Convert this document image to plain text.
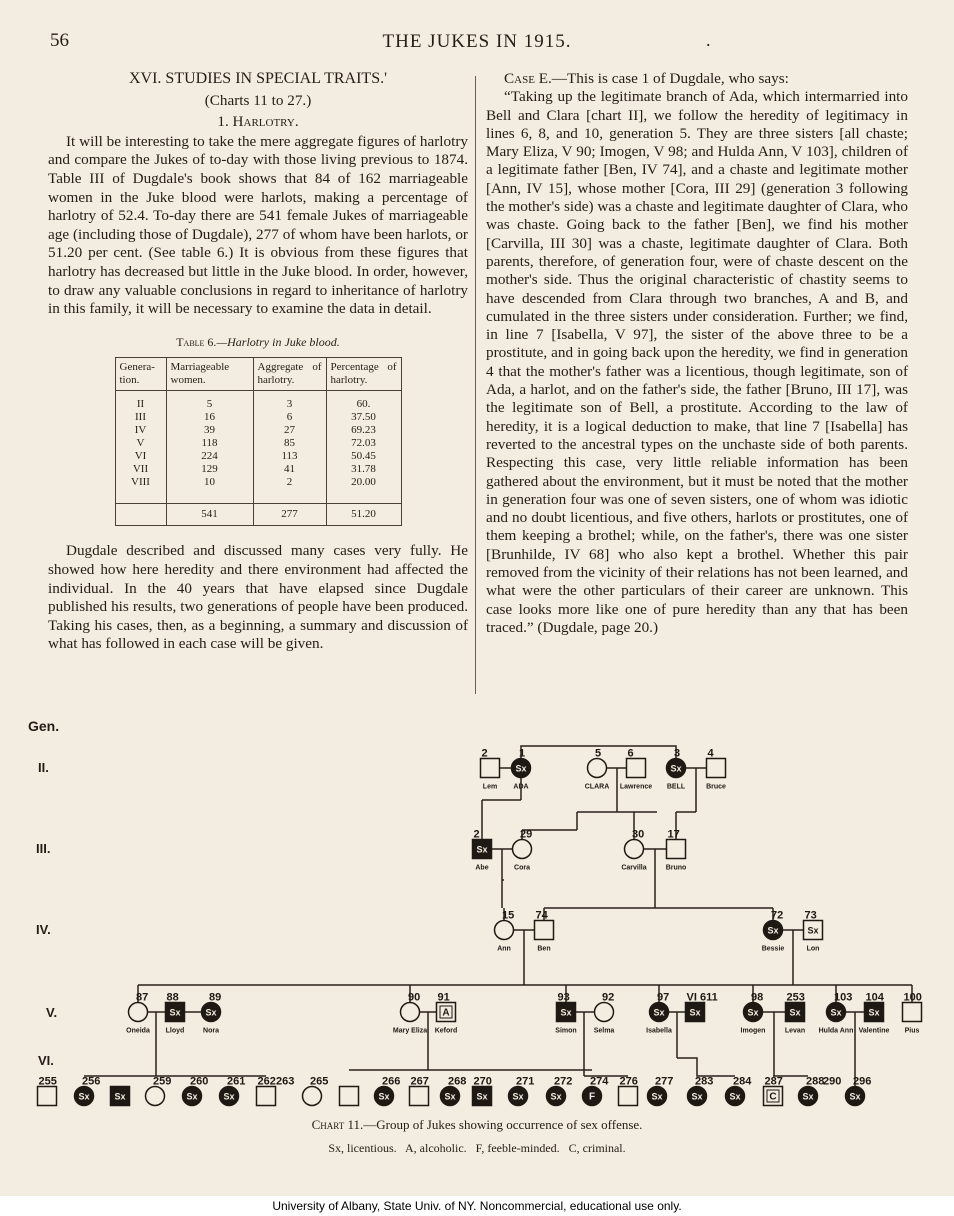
56	THE JUKES IN 1915.	.
XVI. STUDIES IN SPECIAL TRAITS.'
(Charts 11 to 27.)
1. Harlotry.
It will be interesting to take the mere aggregate figures of harlotry and compare the Jukes of to-day with those living previous to 1874. Table III of Dugdale's book shows that 84 of 162 marriageable women in the Juke blood were harlots, making a percentage of harlotry of 52.4. To-day there are 541 female Jukes of marriageable age (including those of Dugdale), 277 of whom have been harlots, or 51.20 per cent. (See table 6.) It is obvious from these figures that harlotry has decreased but little in the Juke blood. In order, however, to draw any valuable conclusions in regard to inheritance of harlotry in this family, it will be necessary to examine the data in detail.
Table 6.—Harlotry in Juke blood.
Genera-tion.	Marriageable women.	Aggregate of harlotry.	Percentage of harlotry.
II	5	3	60.
III	16	6	37.50
IV	39	27	69.23
V	118	85	72.03
VI	224	113	50.45
VII	129	41	31.78
VIII	10	2	20.00
	541	277	51.20
Dugdale described and discussed many cases very fully. He showed how here heredity and there environment had affected the individual. In the 40 years that have elapsed since Dugdale published his results, two generations of people have been produced. Taking his cases, then, as a beginning, a summary and discussion of what has followed in each case will be given.
Case E.—This is case 1 of Dugdale, who says:
“Taking up the legitimate branch of Ada, which intermarried into Bell and Clara [chart II], we follow the heredity of legitimacy in lines 6, 8, and 10, generation 5. They are three sisters [all chaste; Mary Eliza, V 90; Imogen, V 98; and Hulda Ann, V 103], children of a legitimate father [Ben, IV 74], and a chaste and legitimate mother [Ann, IV 15], whose mother [Cora, III 29] (generation 3 following the mother's side) was a chaste and legitimate daughter of Clara, who was chaste. Going back to the father [Ben], we find his mother [Carvilla, III 30] was a chaste, legitimate daughter of Clara. Both parents, therefore, of generation four, were of chaste descent on the mother's side. Thus the original characteristic of chastity seems to have descended from Clara through two branches, A and B, and cumulated in the three sisters under consideration. Further; we find, in line 7 [Isabella, V 97], the sister of the above three to be a prostitute, and in going back upon the heredity, we find in generation 4 that the mother's father was a licentious, though legitimate, son of Ada, a harlot, and on the father's side, the father [Bruno, III 17], was the legitimate son of Bell, a prostitute. According to the law of heredity, it is a logical deduction to make, that line 7 [Isabella] has reverted to the ancestral types on the unchaste side of both parents. Respecting this case, very little reliable information has been gathered about the environment, but it must be noted that the mother in generation four was one of seven sisters, one of whom was idiotic and no doubt licentious, and five others, harlots or prostitutes, one of them keeping a brothel; while, on the father's, there was one sister [Brunhilde, IV 68] who also kept a brothel. Whether this pair removed from the vicinity of their relations has not been learned, and what were the other particulars of their career are unknown. This case looks more like one of pure heredity than any that has been traced.” (Dugdale, page 20.)
Gen.
II.
III.
IV.
V.
VI.
2
Sx
1	5 6
Sx
3 4
Sx
2	29	30 17
15 74
Sx
72
Sx
73
87
Sx
88
Sx
89	90
A
91
Sx
93	92
Sx
97
Sx
VI 611
Sx
98
Sx
253
Sx
103
Sx
104 100
255
Sx
256
Sx
259
Sx
260
Sx
261 262 263 265
Sx
266 267
Sx
268
Sx
270
Sx
271
Sx
272
F
274 276
Sx
277
Sx
283
Sx
284
C
287
Sx
288
Sx
296
290
Lem ADA	CLARA Lawrence BELL	Bruce
Abe	Cora	Carvilla	Bruno
Ann	Ben	Bessie	Lon
Oneida Lloyd	Nora	Mary Eliza Keford	Simon Selma	Isabella	Imogen	Levan Hulda Ann Valentine Pius
Chart 11.—Group of Jukes showing occurrence of sex offense.
Sx, licentious.   A, alcoholic.   F, feeble-minded.   C, criminal.
University of Albany, State Univ. of NY. Noncommercial, educational use only.
